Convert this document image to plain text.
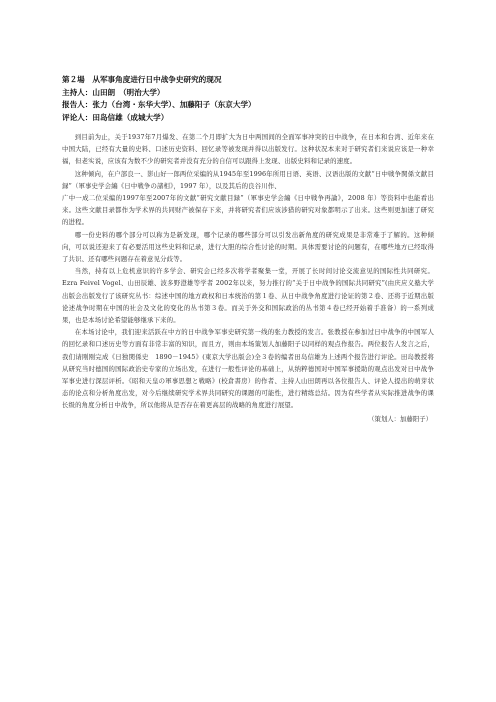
第２場　从军事角度进行日中战争史研究的现况
主持人：山田朗　（明治大学）
报告人：张力（台湾・东华大学）、加藤阳子（东京大学）
评论人：田岛信雄（成城大学）

到目前为止，关于1937年7月爆发、在第二个月即扩大为日中两国间的全面军事冲突的日中战争，在日本和台湾、近年来在中国大陆，已经有大量的史料、口述历史资料、回忆录等被发现并得以出版发行。这种状况本来对于研究者们来说应该是一种幸福，但老实说，应该有为数不少的研究者并没有充分的自信可以跟得上发现、出版史料和记录的速度。

这种倾向，在户部良一、影山好一郎两位采编的从1945年至1996年所用日语、英语、汉语出版的文献“日中戦争関係文献目録”（軍事史学会編《日中戦争の諸相》，1997 年），以及其后的良谷川作、

广中一成二位采编的1997年至2007年的文献“研究文献目録”（軍事史学会編《日中戦争再論》，2008 年）等资料中也能看出来。这些文献目录都作为学术界的共同财产被保存下来，并将研究者们应该涉猎的研究对象都明示了出来。这些则更加速了研究的进程。

哪一份史料的哪个部分可以称为是新发现，哪个记录的哪些部分可以引发出新角度的研究成果是非常难于了解的。这种倾向，可以说还迎来了有必要活用这些史料和记录，进行大胆的综合性讨论的时期。具体需要讨论的问题有，在哪些地方已经取得了共识、还有哪些问题存在着意见分歧等。

当然，持有以上危机意识的许多学会、研究会已经多次将学者聚集一堂，开展了长时间讨论交流意见的国际性共同研究。Ezra Feivel Vogel、山田辰雄、波多野澄雄等学者 2002年以来，努力推行的“关于日中战争的国际共同研究”(由庆应义塾大学出版会出版发行了该研究丛书：综述中国的地方政权和日本统治的第１卷、从日中战争角度进行论证的第２卷、还将于近期出版论述战争时期在中国的社会及文化的变化的丛书第３卷。而关于外交和国际政治的丛书第４卷已经开始着手准备）的一系列成果，也是本场讨论希望能够继承下来的。

在本场讨论中，我们迎来活跃在中方的日中战争军事史研究第一线的张力教授的发言。张教授在参加过日中战争的中国军人的回忆录和口述历史等方面有非常丰富的知识，而且方，则由本场策划人加藤阳子以同样的观点作报告。两位报告人发言之后，我们请刚刚完成《日独関係史　1890－1945》(東京大学出版会)全３卷的编者田岛信雄为上述两个报告进行评论。田岛教授将从研究当时德国的国际政治史专家的立场出发，在进行一般性评论的基础上，从纳粹德国对中国军事援助的观点出发对日中战争军事史进行深层评析。《昭和天皇の軍事思想と戦略》(校倉書房）的作者、主持人山田朗再以各位报告人、评论人提出的萌芽状态的论点和分析角度出发，对今后继续研究学术界共同研究的课题的可能性，进行精练总结。因为有些学者从实际推进战争的课长级的角度分析日中战争，所以他将从是否存在着更高层的战略的角度进行展望。

（策划人：加藤阳子）
